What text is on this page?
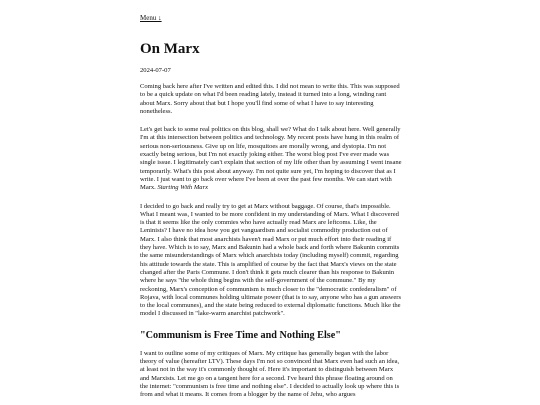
Menu ↓
On Marx
2024-07-07

Coming back here after I've written and edited this. I did not mean to write this. This was supposed to be a quick update on what I'd been reading lately, instead it turned into a long, winding rant about Marx. Sorry about that but I hope you'll find some of what I have to say interesting nonetheless.

Let's get back to some real politics on this blog, shall we? What do I talk about here. Well generally I'm at this intersection between politics and technology. My recent posts have hung in this realm of serious non-seriousness. Give up on life, mosquitoes are morally wrong, and dystopia. I'm not exactly being serious, but I'm not exactly joking either. The worst blog post I've ever made was single issue. I legitimately can't explain that section of my life other than by assuming I went insane temporarily. What's this post about anyway. I'm not quite sure yet, I'm hoping to discover that as I write. I just want to go back over where I've been at over the past few months. We can start with Marx. Starting With Marx

I decided to go back and really try to get at Marx without baggage. Of course, that's impossible. What I meant was, I wanted to be more confident in my understanding of Marx. What I discovered is that it seems like the only commies who have actually read Marx are leftcoms. Like, the Leninists? I have no idea how you get vanguardism and socialist commodity production out of Marx. I also think that most anarchists haven't read Marx or put much effort into their reading if they have. Which is to say, Marx and Bakunin had a whole back and forth where Bakunin commits the same misunderstandings of Marx which anarchists today (including myself) commit, regarding his attitude towards the state. This is amplified of course by the fact that Marx's views on the state changed after the Paris Commune. I don't think it gets much clearer than his response to Bakunin where he says "the whole thing begins with the self-government of the commune." By my reckoning, Marx's conception of communism is much closer to the "democratic confederalism" of Rojava, with local communes holding ultimate power (that is to say, anyone who has a gun answers to the local communes), and the state being reduced to external diplomatic functions. Much like the model I discussed in "lake-warm anarchist patchwork".

"Communism is Free Time and Nothing Else"

I want to outline some of my critiques of Marx. My critique has generally began with the labor theory of value (hereafter LTV). These days I'm not so convinced that Marx even had such an idea, at least not in the way it's commonly thought of. Here it's important to distinguish between Marx and Marxists. Let me go on a tangent here for a second. I've heard this phrase floating around on the internet: "communism is free time and nothing else". I decided to actually look up where this is from and what it means. It comes from a blogger by the name of Jehu, who argues
